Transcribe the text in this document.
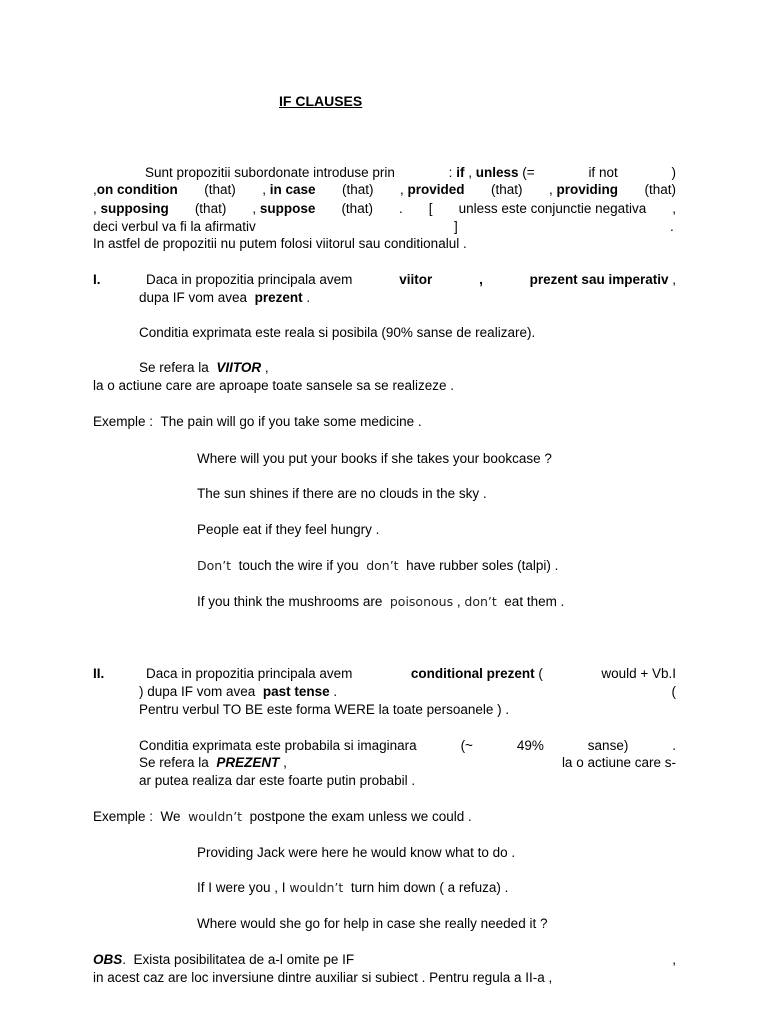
IF CLAUSES
Sunt propozitii subordonate introduse prin	: if , unless (=	if not	)
,on condition (that) , in case (that) , provided (that) , providing (that)
, supposing (that) , suppose (that) . [ unless este conjunctie negativa ,
deci verbul va fi la afirmativ	]	.
In astfel de propozitii nu putem folosi viitorul sau conditionalul .
I.	Daca in propozitia principala avem	viitor	,	prezent sau imperativ ,
dupa IF vom avea prezent .
Conditia exprimata este reala si posibila (90% sanse de realizare).
Se refera la VIITOR ,
la o actiune care are aproape toate sansele sa se realizeze .
Exemple : The pain will go if you take some medicine .
Where will you put your books if she takes your bookcase ?
The sun shines if there are no clouds in the sky .
People eat if they feel hungry .
Don’t touch the wire if you don’t have rubber soles (talpi) .
If you think the mushrooms are poisonous , don’t eat them .
II.	Daca in propozitia principala avem	conditional prezent (	would + Vb.I
) dupa IF vom avea past tense .	(
Pentru verbul TO BE este forma WERE la toate persoanele ) .
Conditia exprimata este probabila si imaginara	(~	49%	sanse)	.
Se refera la PREZENT ,	la o actiune care s-
ar putea realiza dar este foarte putin probabil .
Exemple : We wouldn’t postpone the exam unless we could .
Providing Jack were here he would know what to do .
If I were you , I wouldn’t turn him down ( a refuza) .
Where would she go for help in case she really needed it ?
OBS. Exista posibilitatea de a-l omite pe IF	,
in acest caz are loc inversiune dintre auxiliar si subiect . Pentru regula a II-a ,
